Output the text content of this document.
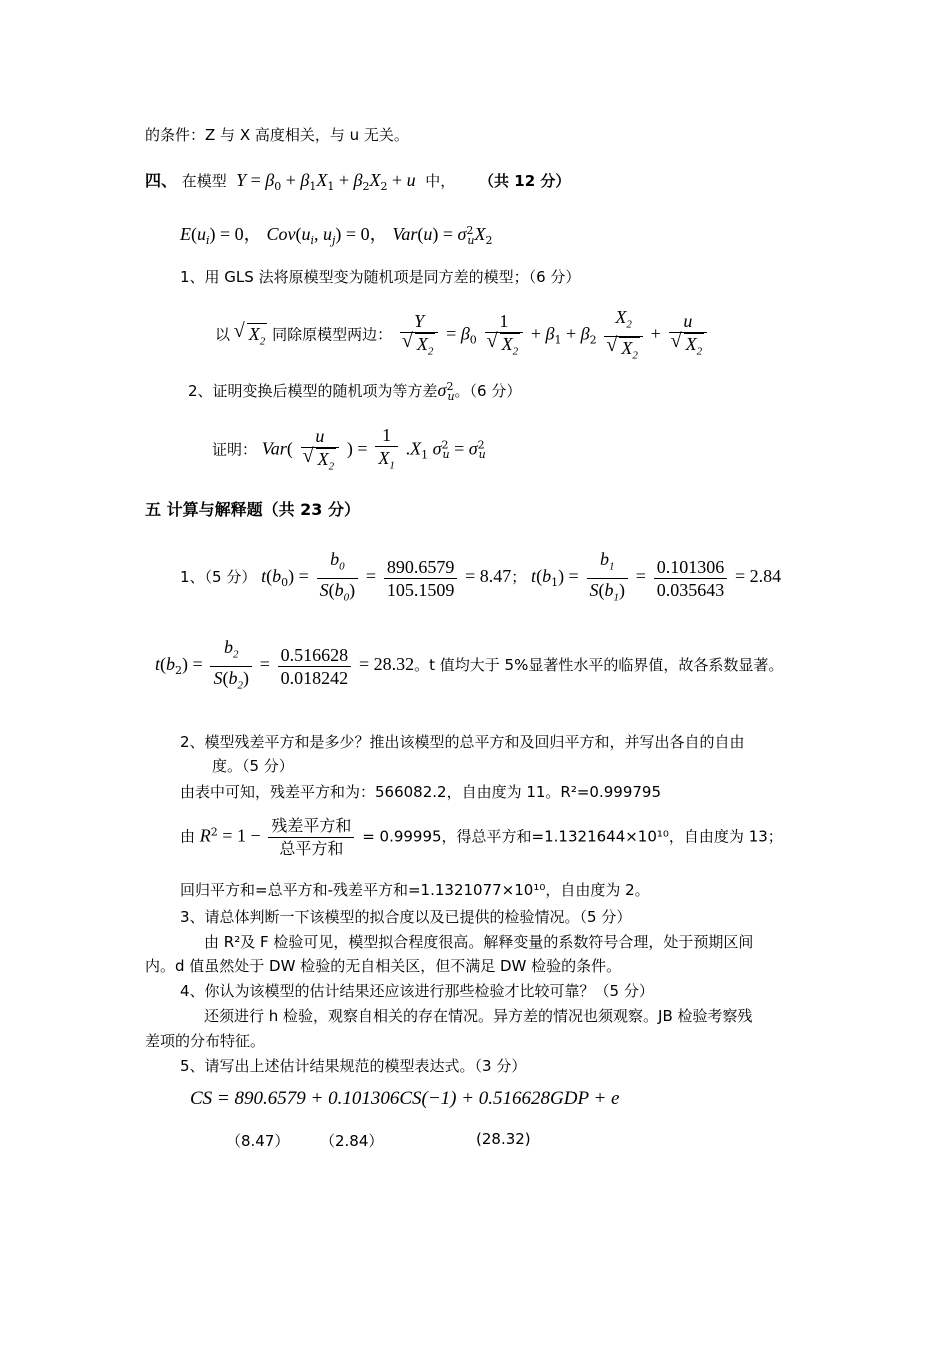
的条件：Z 与 X 高度相关，与 u 无关。
四、 在模型  $Y = \beta_0 + \beta_1X_1 + \beta_2X_2 + u$ 中， （共 12 分）
$E(u_i) = 0$， $Cov(u_i$, $u_j) = 0$， $Var(u) = \sigma^2_uX_2$
1、用 GLS 法将原模型变为随机项是同方差的模型；（6 分）
以 √ $X_2$ 同除原模型两边： Y
√ $X_2 = \beta_0$ 1
√ $X_2 + \beta_1 + \beta_2$ $X_2$
√ $X_2 + u$
√ $X_2$
2、证明变换后模型的随机项为等方差$\sigma^2_u$。（6 分）
证明： Var( u
√ $X_2$ ) = $\frac{1}{X_1} .X_1$ $\sigma^2_u = \sigma^2_u$
五 计算与解释题（共 23 分）
1、（5 分） $t(b_0) = \frac{b_0}{S(b_0)} = \frac{890.6579}{105.1509} = 8.47$； $t(b_1) = \frac{b_1}{S(b_1)} = \frac{0.101306}{0.035643} = 2.84$
$t(b_2) = \frac{b_2}{S(b_2)} = \frac{0.516628}{0.018242} = 28.32$。t 值均大于 5%显著性水平的临界值，故各系数显著。
2、模型残差平方和是多少？推出该模型的总平方和及回归平方和，并写出各自的自由
度。（5 分）
由表中可知，残差平方和为：566082.2，自由度为 11。R²=0.999795
由 $R^2 = 1 - \frac{\text{残差平方和}}{\text{总平方和}} = 0.99995$，得总平方和=1.1321644×10¹⁰，自由度为 13；
回归平方和=总平方和-残差平方和=1.1321077×10¹⁰，自由度为 2。
3、请总体判断一下该模型的拟合度以及已提供的检验情况。（5 分）
由 R²及 F 检验可见，模型拟合程度很高。解释变量的系数符号合理，处于预期区间
内。d 值虽然处于 DW 检验的无自相关区，但不满足 DW 检验的条件。
4、你认为该模型的估计结果还应该进行那些检验才比较可靠？（5 分）
还须进行 h 检验，观察自相关的存在情况。异方差的情况也须观察。JB 检验考察残
差项的分布特征。
5、请写出上述估计结果规范的模型表达式。（3 分）
CS = 890.6579 + 0.101306CS(−1) + 0.516628GDP + e
（8.47） （2.84）	(28.32)
